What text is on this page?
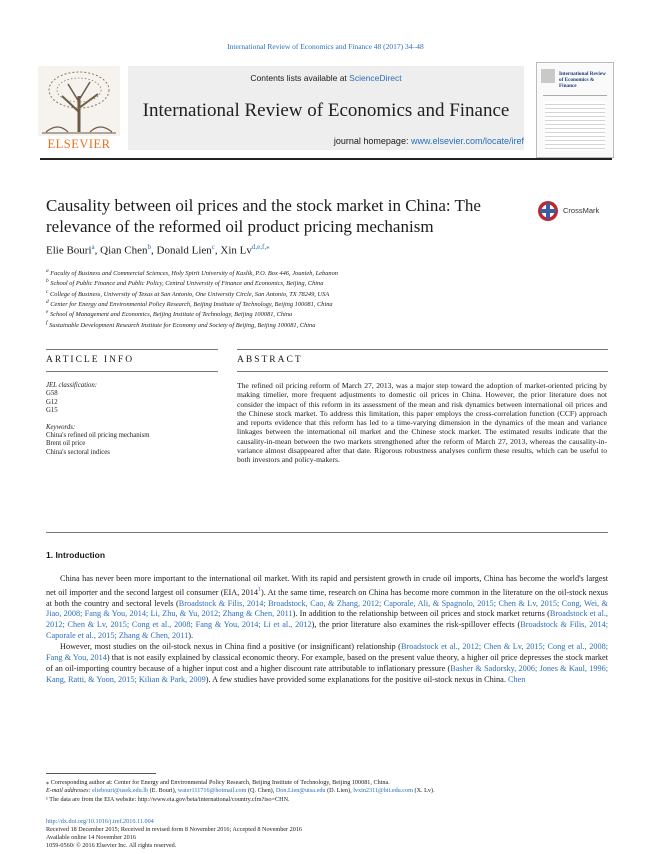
International Review of Economics and Finance 48 (2017) 34–48
ELSEVIER
Contents lists available at ScienceDirect
International Review of Economics and Finance
journal homepage: www.elsevier.com/locate/iref
International Review of Economics & Finance
Causality between oil prices and the stock market in China: The relevance of the reformed oil product pricing mechanism
CrossMark
Elie Bouri$^a$, Qian Chen$^b$, Donald Lien$^c$, Xin $Lv^{d,e,f,⁎}$
$^a$ Faculty of Business and Commercial Sciences, Holy Spirit University of Kaslik, P.O. Box 446, Jounieh, Lebanon
$^b$ School of Public Finance and Public Policy, Central University of Finance and Economics, Beijing, China
$^c$ College of Business, University of Texas at San Antonio, One University Circle, San Antonio, TX 78249, USA
$^d$ Center for Energy and Environmental Policy Research, Beijing Institute of Technology, Beijing 100081, China
$^e$ School of Management and Economics, Beijing Institute of Technology, Beijing 100081, China
$^f$ Sustainable Development Research Institute for Economy and Society of Beijing, Beijing 100081, China
ARTICLE INFO	ABSTRACT
JEL classification:
G58
G12
G15
Keywords:
China's refined oil pricing mechanism
Brent oil price
China's sectoral indices
The refined oil pricing reform of March 27, 2013, was a major step toward the adoption of market-oriented pricing by making timelier, more frequent adjustments to domestic oil prices in China. However, the prior literature does not consider the impact of this reform in its assessment of the mean and risk dynamics between international oil prices and the Chinese stock market. To address this limitation, this paper employs the cross-correlation function (CCF) approach and reports evidence that this reform has led to a time-varying dimension in the dynamics of the mean and variance linkages between the international oil market and the Chinese stock market. The estimated results indicate that the causality-in-mean between the two markets strengthened after the reform of March 27, 2013, whereas the causality-in-variance almost disappeared after that date. Rigorous robustness analyses confirm these results, which can be useful to both investors and policy-makers.
1. Introduction

China has never been more important to the international oil market. With its rapid and persistent growth in crude oil imports, China has become the world's largest net oil importer and the second largest oil consumer (EIA, 2014$^1$). At the same time, research on China has become more common in the literature on the oil-stock nexus at both the country and sectoral levels (Broadstock & Filis, 2014; Broadstock, Cao, & Zhang, 2012; Caporale, Ali, & Spagnolo, 2015; Chen & Lv, 2015; Cong, Wei, & Jiao, 2008; Fang & You, 2014; Li, Zhu, & Yu, 2012; Zhang & Chen, 2011). In addition to the relationship between oil prices and stock market returns (Broadstock et al., 2012; Chen & Lv, 2015; Cong et al., 2008; Fang & You, 2014; Li et al., 2012), the prior literature also examines the risk-spillover effects (Broadstock & Filis, 2014; Caporale et al., 2015; Zhang & Chen, 2011).

However, most studies on the oil-stock nexus in China find a positive (or insignificant) relationship (Broadstock et al., 2012; Chen & Lv, 2015; Cong et al., 2008; Fang & You, 2014) that is not easily explained by classical economic theory. For example, based on the present value theory, a higher oil price depresses the stock market of an oil-importing country because of a higher input cost and a higher discount rate attributable to inflationary pressure (Basher & Sadorsky, 2006; Jones & Kaul, 1996; Kang, Ratti, & Yoon, 2015; Kilian & Park, 2009). A few studies have provided some explanations for the positive oil-stock nexus in China. Chen

⁎ Corresponding author at: Center for Energy and Environmental Policy Research, Beijing Institute of Technology, Beijing 100081, China.
E-mail addresses: eliebouri@usek.edu.lb (E. Bouri), water111716@hotmail.com (Q. Chen), Don.Lien@utsa.edu (D. Lien), lvxin2311@bit.edu.com (X. Lv).
¹ The data are from the EIA website: http://www.eia.gov/beta/international/country.cfm?iso=CHN.
http://dx.doi.org/10.1016/j.iref.2016.11.004
Received 18 December 2015; Received in revised form 8 November 2016; Accepted 8 November 2016
Available online 14 November 2016
1059-0560/ © 2016 Elsevier Inc. All rights reserved.
